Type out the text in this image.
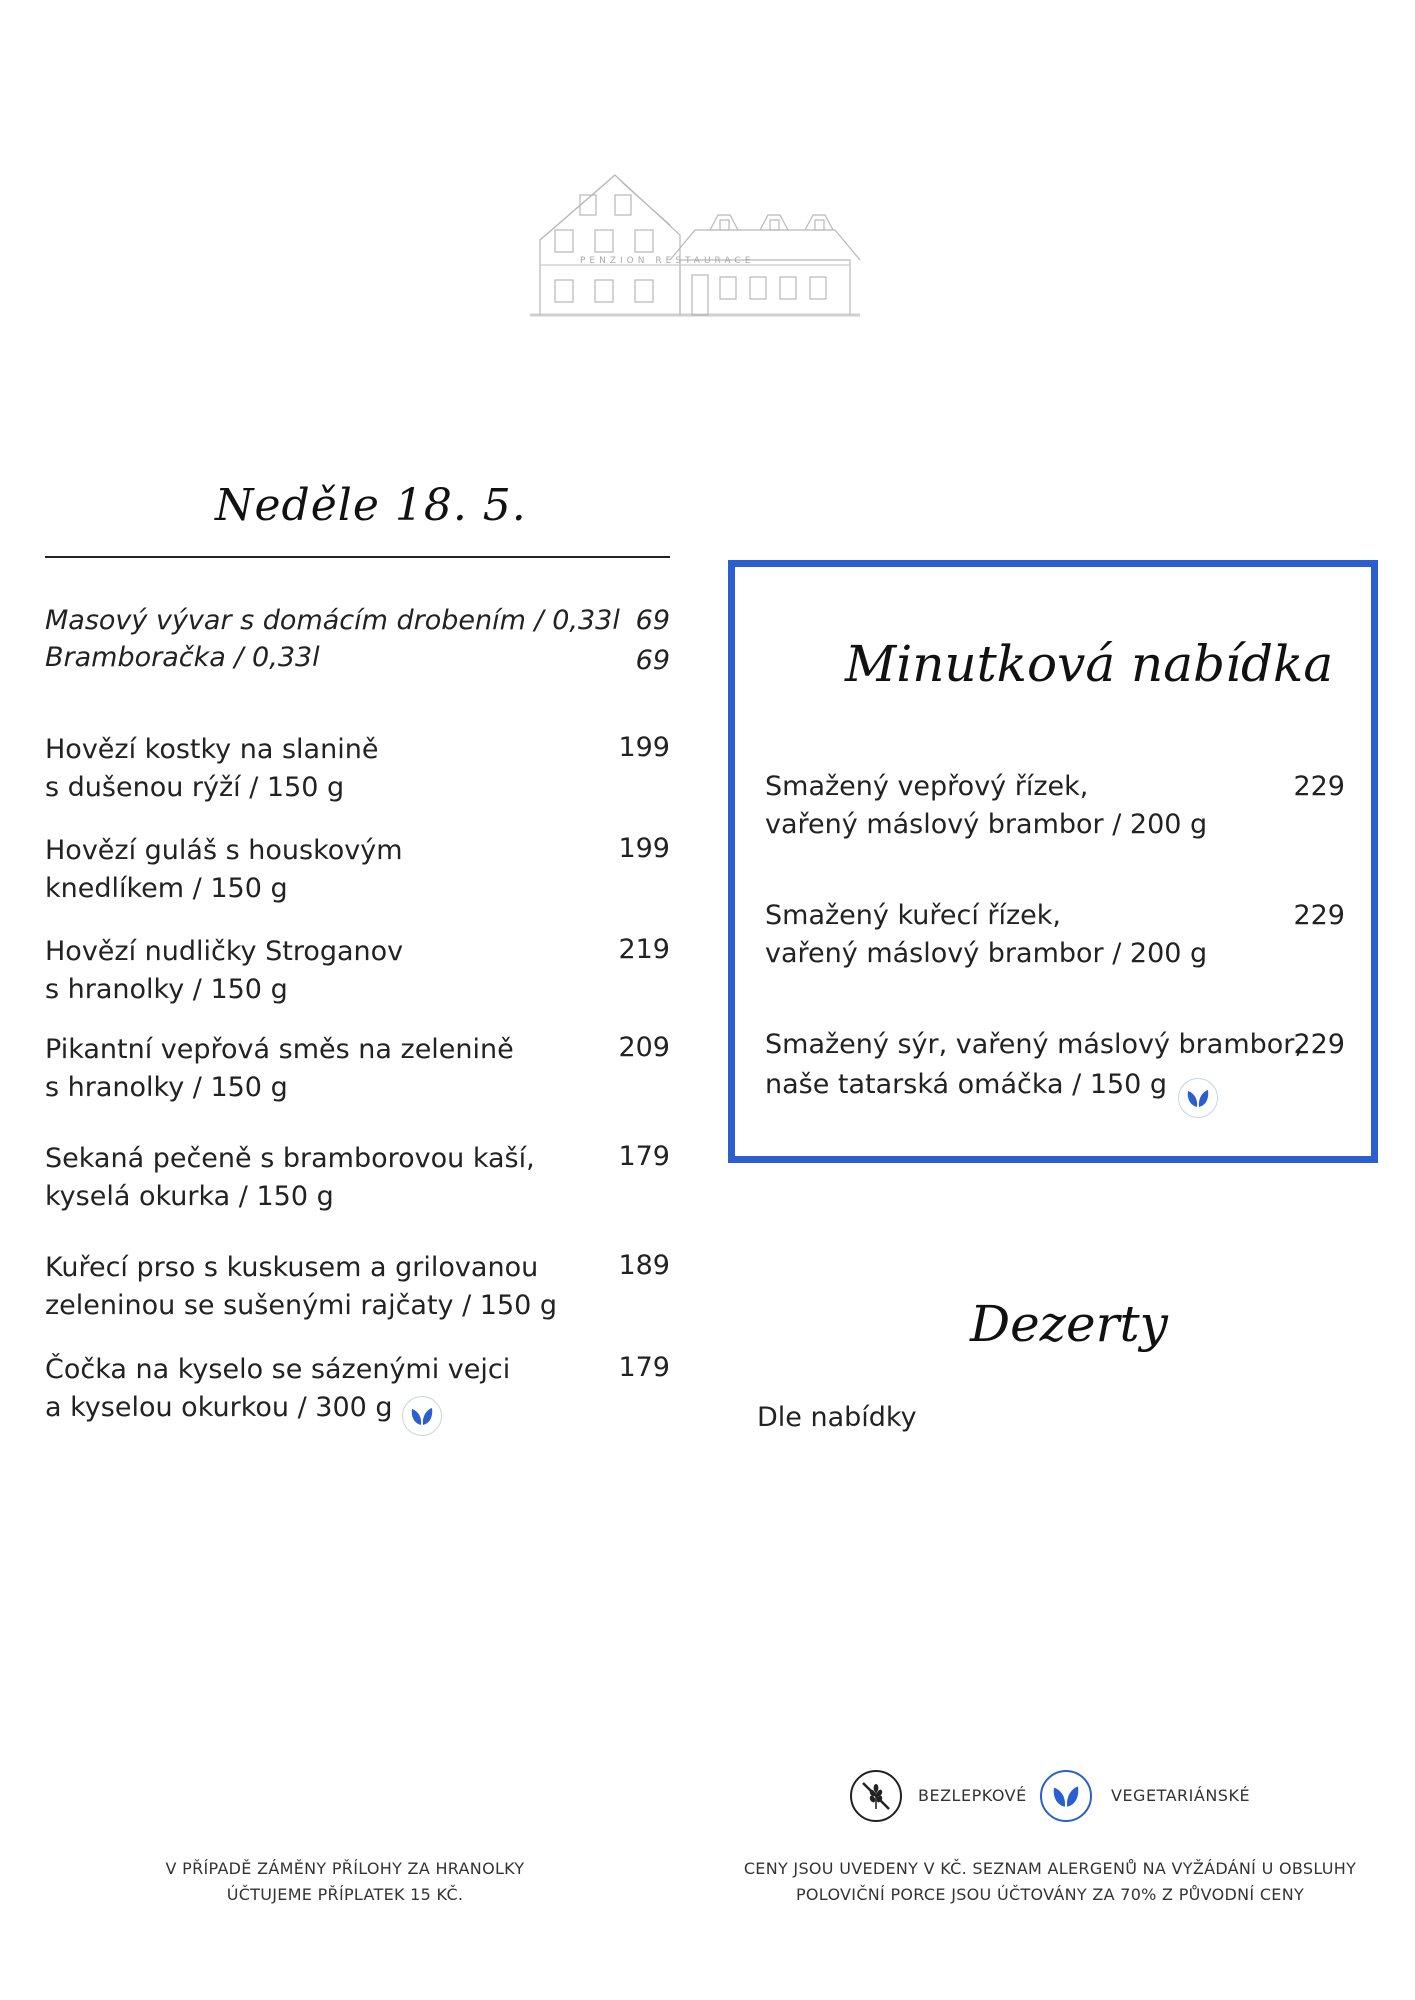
PENZION RESTAURACE
Neděle 18. 5.
Masový vývar s domácím drobením / 0,33l 69
Bramboračka / 0,33l	69
Hovězí kostky na slanině
s dušenou rýží / 150 g
199
Hovězí guláš s houskovým
knedlíkem / 150 g
199
Hovězí nudličky Stroganov
s hranolky / 150 g
219
Pikantní vepřová směs na zelenině
s hranolky / 150 g
209
Sekaná pečeně s bramborovou kaší,
kyselá okurka / 150 g
179
Kuřecí prso s kuskusem a grilovanou
zeleninou se sušenými rajčaty / 150 g
189
Čočka na kyselo se sázenými vejci
a kyselou okurkou / 300 g
179
Minutková nabídka
Smažený vepřový řízek,
vařený máslový brambor / 200 g
229
Smažený kuřecí řízek,
vařený máslový brambor / 200 g
229
Smažený sýr, vařený máslový brambor,
naše tatarská omáčka / 150 g
229
Dezerty
Dle nabídky
BEZLEPKOVÉ	VEGETARIÁNSKÉ
V PŘÍPADĚ ZÁMĚNY PŘÍLOHY ZA HRANOLKY
ÚČTUJEME PŘÍPLATEK 15 KČ.
CENY JSOU UVEDENY V KČ. SEZNAM ALERGENŮ NA VYŽÁDÁNÍ U OBSLUHY
POLOVIČNÍ PORCE JSOU ÚČTOVÁNY ZA 70% Z PŮVODNÍ CENY
